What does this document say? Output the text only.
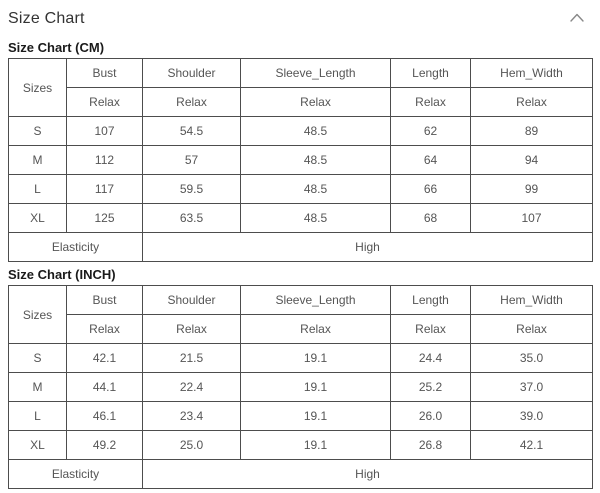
Size Chart
Size Chart (CM)
Sizes	Bust	Shoulder	Sleeve_Length	Length	Hem_Width
	Relax	Relax	Relax	Relax	Relax
S	107	54.5	48.5	62	89
M	112	57	48.5	64	94
L	117	59.5	48.5	66	99
XL	125	63.5	48.5	68	107
Elasticity		High			
Size Chart (INCH)
Sizes	Bust	Shoulder	Sleeve_Length	Length	Hem_Width
	Relax	Relax	Relax	Relax	Relax
S	42.1	21.5	19.1	24.4	35.0
M	44.1	22.4	19.1	25.2	37.0
L	46.1	23.4	19.1	26.0	39.0
XL	49.2	25.0	19.1	26.8	42.1
Elasticity		High			
